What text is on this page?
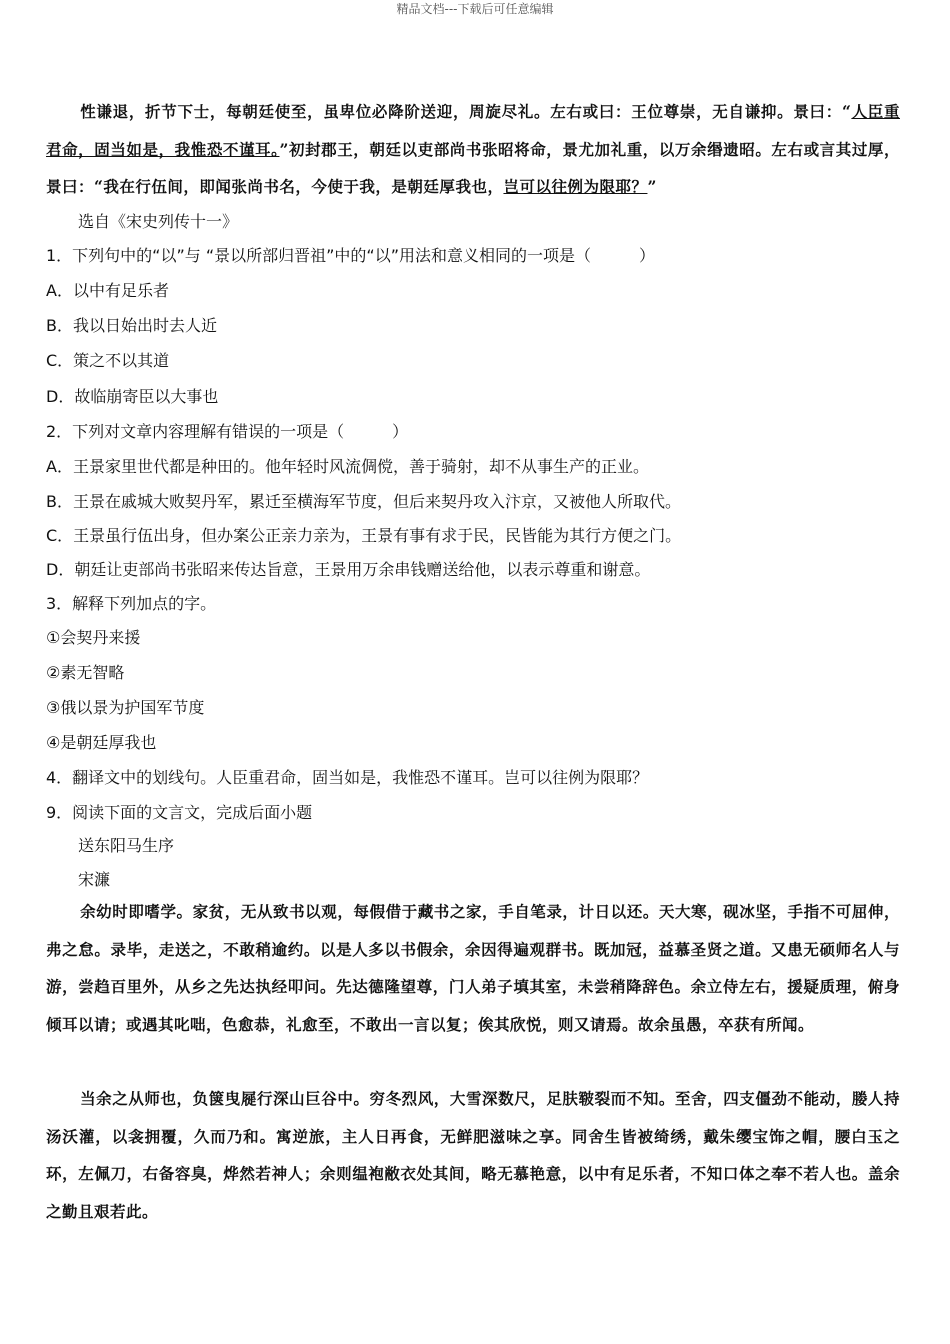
精品文档---下载后可任意编辑
性谦退，折节下士，每朝廷使至，虽卑位必降阶送迎，周旋尽礼。左右或曰：王位尊崇，无自谦抑。景曰：“人臣重君命，固当如是，我惟恐不谨耳。”初封郡王，朝廷以吏部尚书张昭将命，景尤加礼重，以万余缗遗昭。左右或言其过厚，景曰：“我在行伍间，即闻张尚书名，今使于我，是朝廷厚 ·我也，岂可以往例为限耶？”
选自《宋史列传十一》
1．下列句中的“以”与 “景以所部归晋祖”中的“以”用法和意义相同的一项是（　　　）
A．以中有足乐者
B．我以日始出时去人近
C．策之不以其道
D．故临崩寄臣以大事也
2．下列对文章内容理解有错误的一项是（　　　）
A．王景家里世代都是种田的。他年轻时风流倜傥，善于骑射，却不从事生产的正业。
B．王景在戚城大败契丹军，累迁至横海军节度，但后来契丹攻入汴京，又被他人所取代。
C．王景虽行伍出身，但办案公正亲力亲为，王景有事有求于民，民皆能为其行方便之门。
D．朝廷让吏部尚书张昭来传达旨意，王景用万余串钱赠送给他，以表示尊重和谢意。
3．解释下列加点的字。
①会契丹来援
②素无智略
③俄以景为护国军节度
④是朝廷厚我也
4．翻译文中的划线句。人臣重君命，固当如是，我惟恐不谨耳。岂可以往例为限耶？
9．阅读下面的文言文，完成后面小题
送东阳马生序
宋濂
余幼时即嗜学。家贫，无从致书以观，每假借于藏书之家，手自笔录，计日以还。天大寒，砚冰坚，手指不可屈伸，弗之怠。录毕，走送之，不敢稍逾约。以是人多以书假余，余因得遍观群书。既加冠，益慕圣贤之道。又患无硕师名人与游，尝趋百里外，从乡之先达执经叩问。先达德隆望尊，门人弟子填其室，未尝稍降辞色。余立侍左右，援疑质理，俯身倾耳以请；或遇其叱咄，色愈恭，礼愈至，不敢出一言以复；俟其欣悦，则又请焉。故余虽愚，卒获有所闻。
当余之从师也，负箧曳屣行深山巨谷中。穷冬烈风，大雪深数尺，足肤皲裂而不知。至舍，四支僵劲不能动，媵人持汤沃灌，以衾拥覆，久而乃和。寓逆旅，主人日再食，无鲜肥滋味之享。同舍生皆被绮绣，戴朱缨宝饰之帽，腰白玉之环，左佩刀，右备容臭，烨然若神人；余则缊袍敝衣处其间，略无慕艳意，以中有足乐者，不知口体之奉不若人也。盖余之勤且艰若此。
